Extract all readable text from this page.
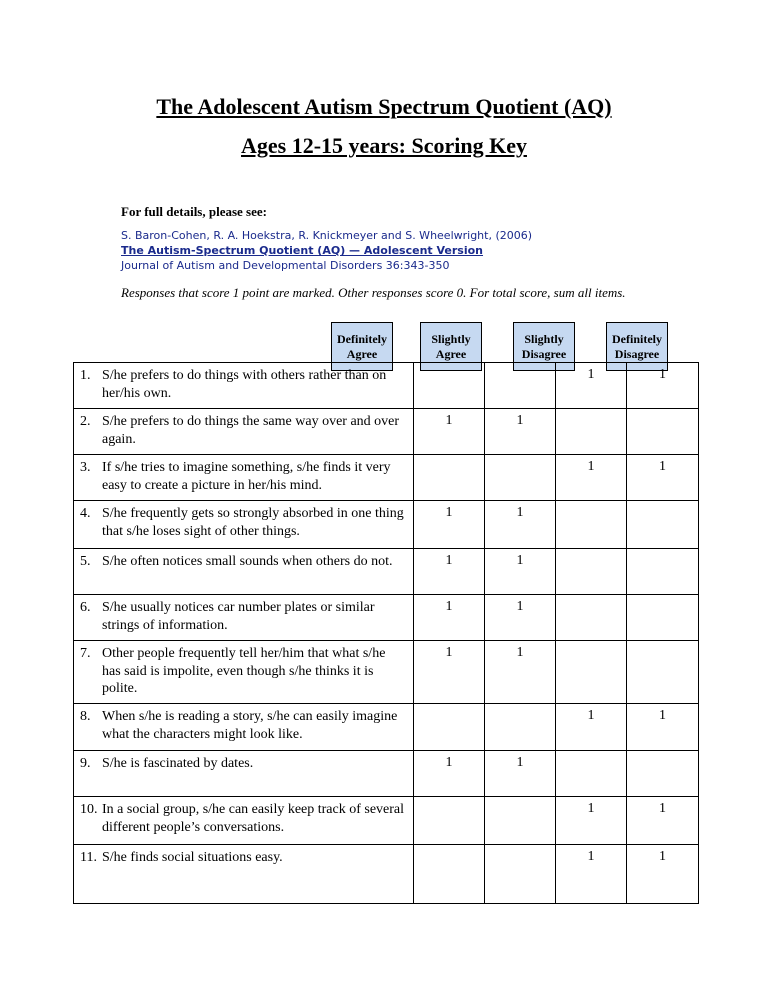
The Adolescent Autism Spectrum Quotient (AQ)
Ages 12-15 years: Scoring Key
For full details, please see:
S. Baron-Cohen, R. A. Hoekstra, R. Knickmeyer and S. Wheelwright, (2006)
The Autism-Spectrum Quotient (AQ) — Adolescent Version
Journal of Autism and Developmental Disorders 36:343-350
Responses that score 1 point are marked. Other responses score 0. For total score, sum all items.
Definitely Agree
Slightly Agree
Slightly Disagree
Definitely Disagree
1. S/he prefers to do things with others rather than on her/his own.			1	1

2. S/he prefers to do things the same way over and over again.	1	1		

3. If s/he tries to imagine something, s/he finds it very easy to create a picture in her/his mind.			1	1

4. S/he frequently gets so strongly absorbed in one thing that s/he loses sight of other things.	1	1		

5. S/he often notices small sounds when others do not.	1	1		

6. S/he usually notices car number plates or similar strings of information.	1	1		

7. Other people frequently tell her/him that what s/he has said is impolite, even though s/he thinks it is polite.	1	1		

8. When s/he is reading a story, s/he can easily imagine what the characters might look like.			1	1

9. S/he is fascinated by dates.	1	1		

10. In a social group, s/he can easily keep track of several different people’s conversations.			1	1

11. S/he finds social situations easy.			1	1
